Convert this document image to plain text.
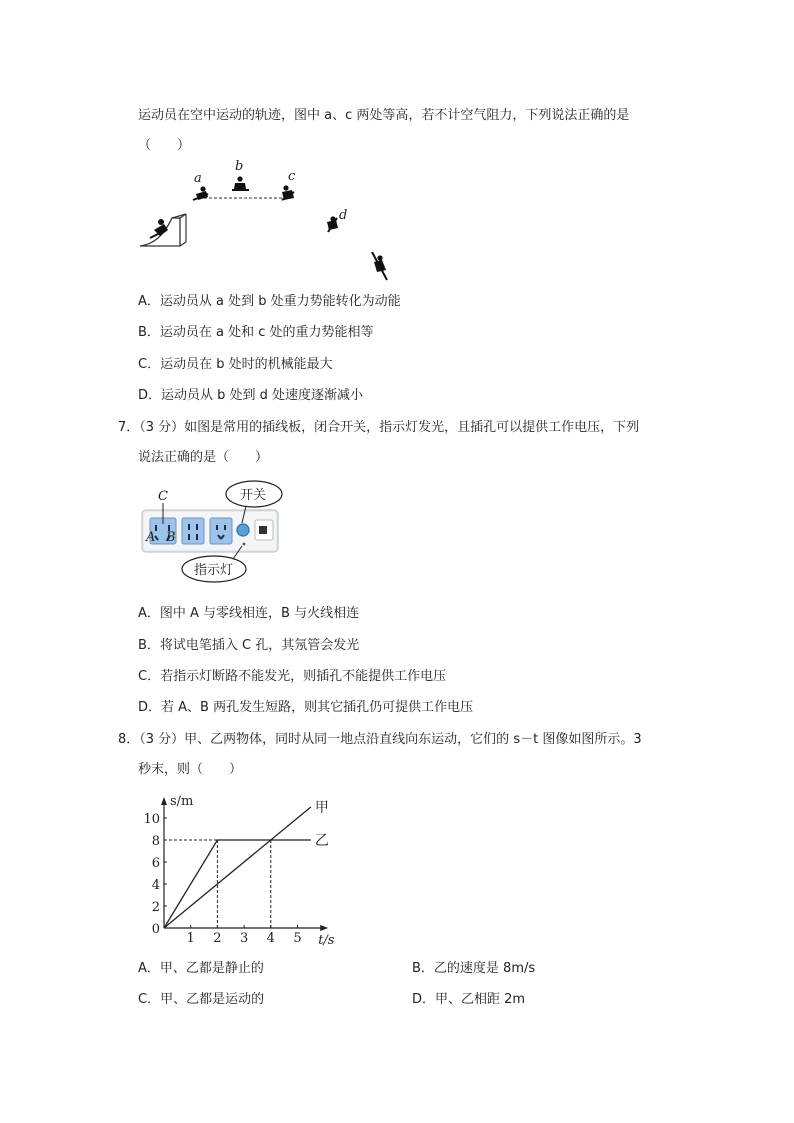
运动员在空中运动的轨迹，图中 a、c 两处等高，若不计空气阻力，下列说法正确的是
（　　）
a
b
c
d
A．运动员从 a 处到 b 处重力势能转化为动能
B．运动员在 a 处和 c 处的重力势能相等
C．运动员在 b 处时的机械能最大
D．运动员从 b 处到 d 处速度逐渐减小
7．（3 分）如图是常用的插线板，闭合开关，指示灯发光，且插孔可以提供工作电压，下列
说法正确的是（　　）
C
A B
开关
指示灯
A．图中 A 与零线相连，B 与火线相连
B．将试电笔插入 C 孔，其氖管会发光
C．若指示灯断路不能发光，则插孔不能提供工作电压
D．若 A、B 两孔发生短路，则其它插孔仍可提供工作电压
8．（3 分）甲、乙两物体，同时从同一地点沿直线向东运动，它们的 s－t 图像如图所示。3
秒末，则（　　）
甲
乙
1 2 3 4 5
0
2
4
6
8
10
s/m
t/s
A．甲、乙都是静止的	B．乙的速度是 8m/s
C．甲、乙都是运动的	D．甲、乙相距 2m
